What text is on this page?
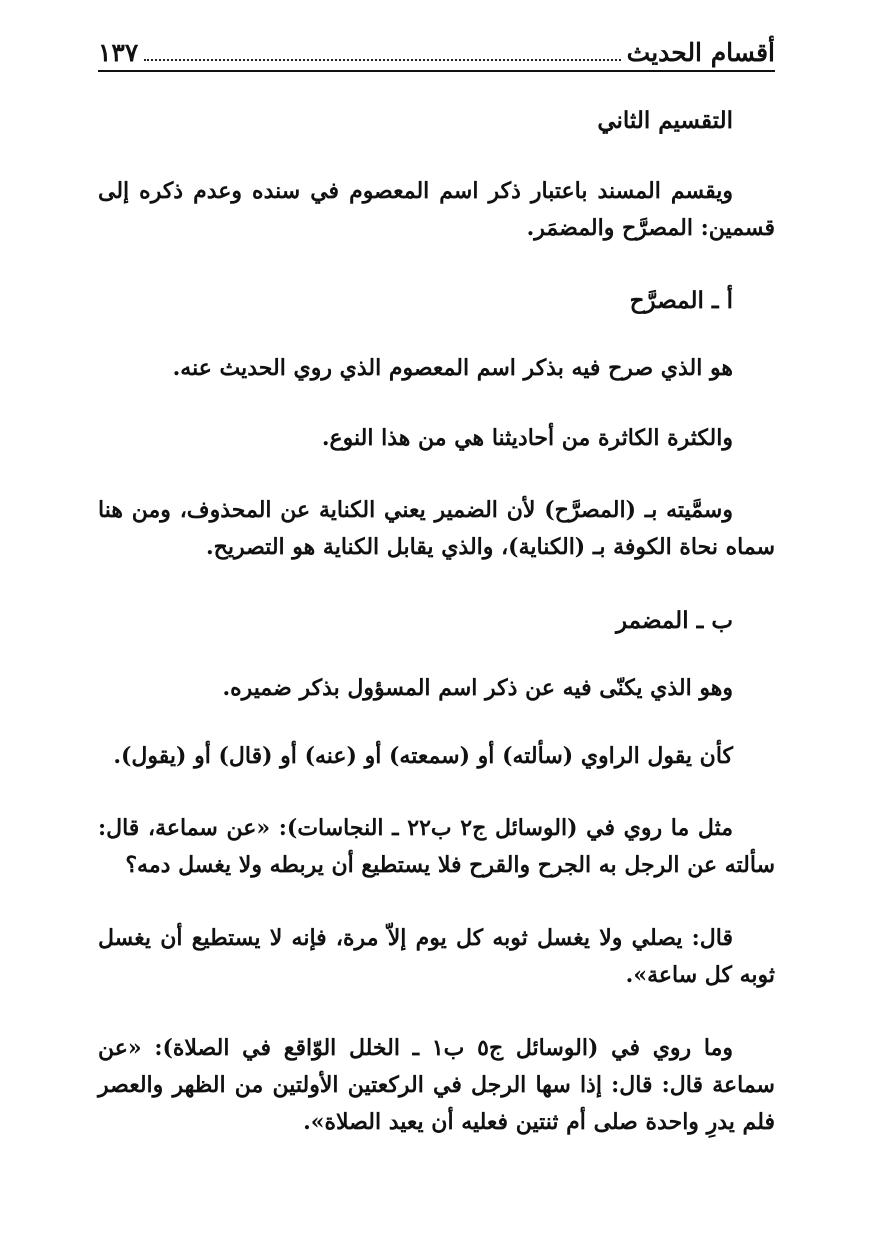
١٣٧	أقسام الحديث
التقسيم الثاني
ويقسم المسند باعتبار ذكر اسم المعصوم في سنده وعدم ذكره إلى قسمين: المصرَّح والمضمَر.
أ ـ المصرَّح
هو الذي صرح فيه بذكر اسم المعصوم الذي روي الحديث عنه.
والكثرة الكاثرة من أحاديثنا هي من هذا النوع.
وسمَّيته بـ (المصرَّح) لأن الضمير يعني الكناية عن المحذوف، ومن هنا سماه نحاة الكوفة بـ (الكناية)، والذي يقابل الكناية هو التصريح.
ب ـ المضمر
وهو الذي يكنّى فيه عن ذكر اسم المسؤول بذكر ضميره.
كأن يقول الراوي (سألته) أو (سمعته) أو (عنه) أو (قال) أو (يقول).
مثل ما روي في (الوسائل ج٢ ب٢٢ ـ النجاسات): «عن سماعة، قال: سألته عن الرجل به الجرح والقرح فلا يستطيع أن يربطه ولا يغسل دمه؟
قال: يصلي ولا يغسل ثوبه كل يوم إلاّ مرة، فإنه لا يستطيع أن يغسل ثوبه كل ساعة».
وما روي في (الوسائل ج٥ ب١ ـ الخلل الوّاقع في الصلاة): «عن سماعة قال: قال: إذا سها الرجل في الركعتين الأولتين من الظهر والعصر فلم يدرِ واحدة صلى أم ثنتين فعليه أن يعيد الصلاة».
